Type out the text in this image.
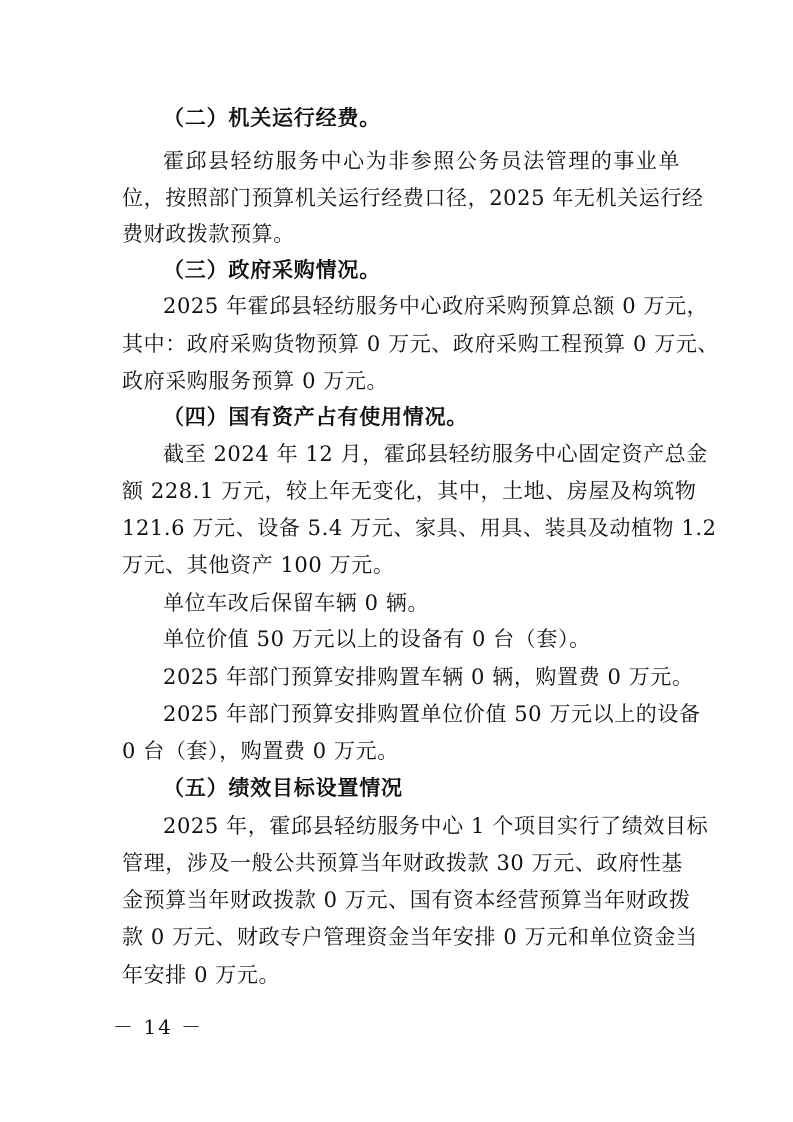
（二）机关运行经费。
霍邱县轻纺服务中心为非参照公务员法管理的事业单
位，按照部门预算机关运行经费口径，2025 年无机关运行经
费财政拨款预算。
（三）政府采购情况。
2025 年霍邱县轻纺服务中心政府采购预算总额 0 万元，
其中：政府采购货物预算 0 万元、政府采购工程预算 0 万元、
政府采购服务预算 0 万元。
（四）国有资产占有使用情况。
截至 2024 年 12 月，霍邱县轻纺服务中心固定资产总金
额 228.1 万元，较上年无变化，其中，土地、房屋及构筑物
121.6 万元、设备 5.4 万元、家具、用具、装具及动植物 1.2
万元、其他资产 100 万元。
单位车改后保留车辆 0 辆。
单位价值 50 万元以上的设备有 0 台（套）。
2025 年部门预算安排购置车辆 0 辆，购置费 0 万元。
2025 年部门预算安排购置单位价值 50 万元以上的设备
0 台（套），购置费 0 万元。
（五）绩效目标设置情况
2025 年，霍邱县轻纺服务中心 1 个项目实行了绩效目标
管理，涉及一般公共预算当年财政拨款 30 万元、政府性基
金预算当年财政拨款 0 万元、国有资本经营预算当年财政拨
款 0 万元、财政专户管理资金当年安排 0 万元和单位资金当
年安排 0 万元。
－ 14 －
